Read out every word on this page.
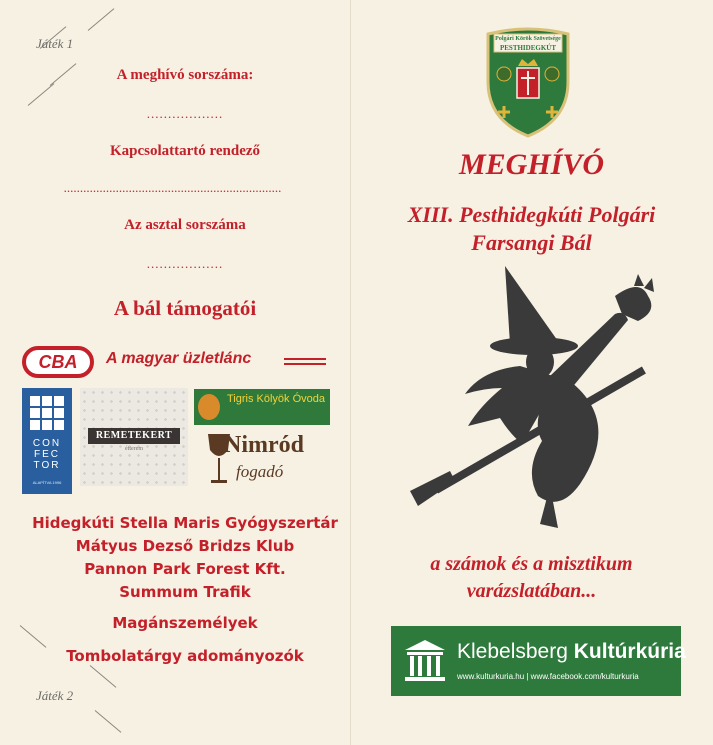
Játék 1
Játék 2
A meghívó sorszáma:
..................
Kapcsolattartó rendező
...................................................................
Az asztal sorszáma
..................
A bál támogatói
CBA	A magyar üzletlánc
CON
FEC
TOR
ALAPÍTVA 1996
REMETEKERT
étterem
Tigris Kölyök Óvoda
Nimród
fogadó
Hidegkúti Stella Maris Gyógyszertár
Mátyus Dezső Bridzs Klub
Pannon Park Forest Kft.
Summum Trafik
Magánszemélyek
Tombolatárgy adományozók
Polgári Körök Szövetsége
PESTHIDEGKÚT
MEGHÍVÓ
XIII. Pesthidegkúti Polgári
Farsangi Bál
a számok és a misztikum
varázslatában...
Klebelsberg Kultúrkúria
www.kulturkuria.hu | www.facebook.com/kulturkuria
